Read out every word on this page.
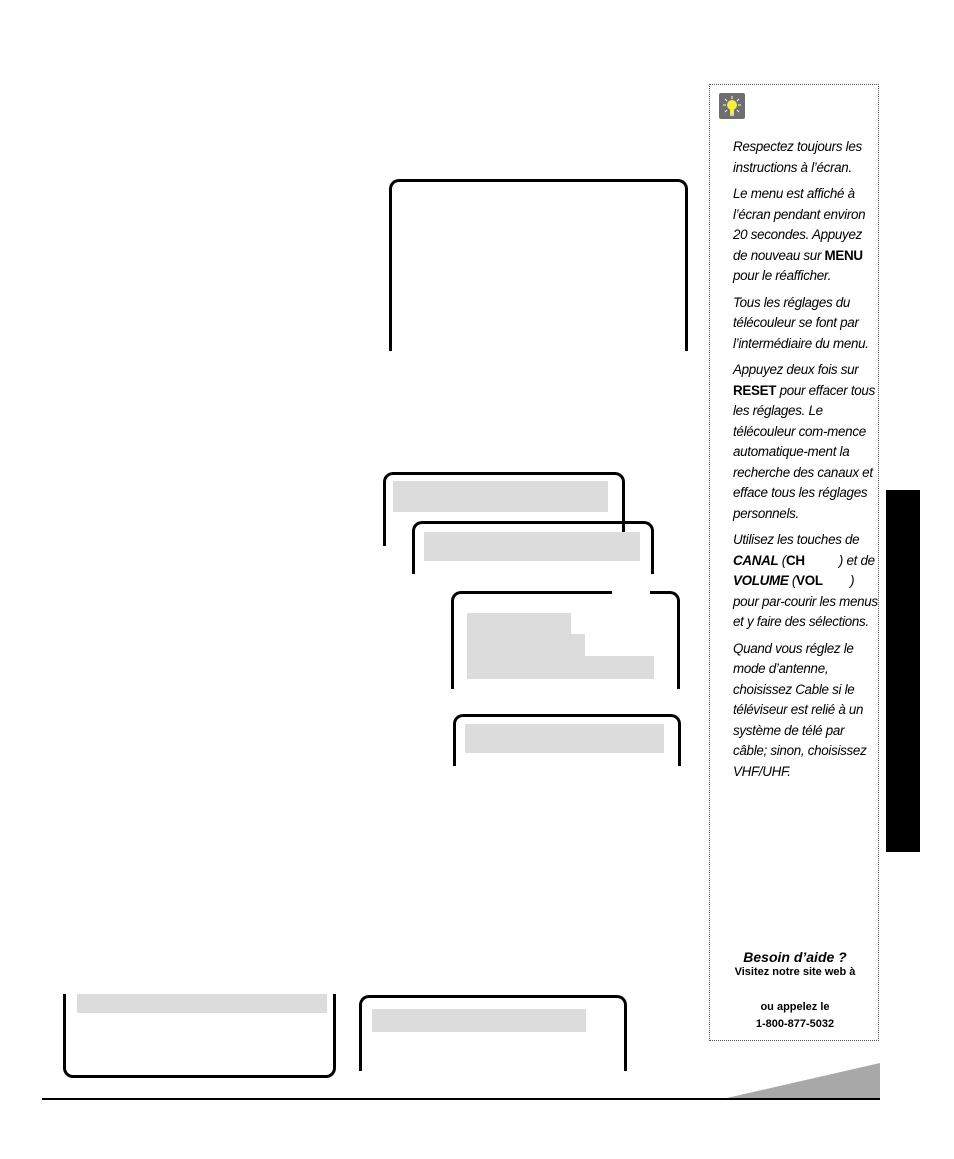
Respectez toujours les instructions à l’écran.

Le menu est affiché à l’écran pendant environ 20 secondes. Appuyez de nouveau sur MENU pour le réafficher.

Tous les réglages du télécouleur se font par l’intermédiaire du menu.

Appuyez deux fois sur RESET pour effacer tous les réglages. Le télécouleur com-mence automatique-ment la recherche des canaux et efface tous les réglages personnels.

Utilisez les touches de CANAL (CH          ) et de VOLUME (VOL        ) pour par-courir les menus et y faire des sélections.

Quand vous réglez le mode d’antenne, choisissez Cable si le téléviseur est relié à un système de télé par câble; sinon, choisissez VHF/UHF.

Besoin d’aide ?
Visitez notre site web à
ou appelez le
1-800-877-5032
